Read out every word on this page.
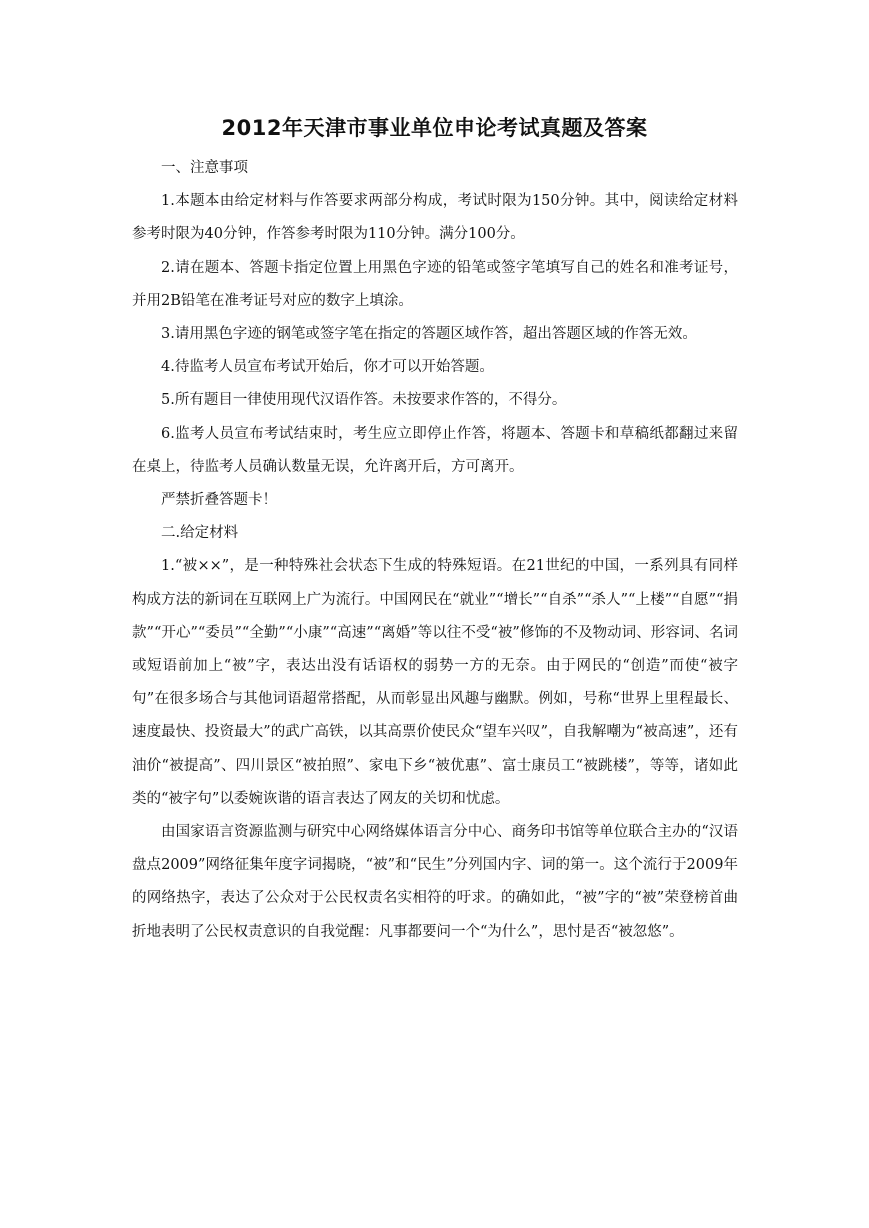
2012年天津市事业单位申论考试真题及答案

一、注意事项

1.本题本由给定材料与作答要求两部分构成，考试时限为150分钟。其中，阅读给定材料参考时限为40分钟，作答参考时限为110分钟。满分100分。

2.请在题本、答题卡指定位置上用黑色字迹的铅笔或签字笔填写自己的姓名和准考证号，并用2B铅笔在准考证号对应的数字上填涂。

3.请用黑色字迹的钢笔或签字笔在指定的答题区域作答，超出答题区域的作答无效。

4.待监考人员宣布考试开始后，你才可以开始答题。

5.所有题目一律使用现代汉语作答。未按要求作答的，不得分。

6.监考人员宣布考试结束时，考生应立即停止作答，将题本、答题卡和草稿纸都翻过来留在桌上，待监考人员确认数量无误，允许离开后，方可离开。

严禁折叠答题卡！

二.给定材料

1.“被××”，是一种特殊社会状态下生成的特殊短语。在21世纪的中国，一系列具有同样构成方法的新词在互联网上广为流行。中国网民在“就业”“增长”“自杀”“杀人”“上楼”“自愿”“捐款”“开心”“委员”“全勤”“小康”“高速”“离婚”等以往不受“被”修饰的不及物动词、形容词、名词或短语前加上“被”字，表达出没有话语权的弱势一方的无奈。由于网民的“创造”而使“被字句”在很多场合与其他词语超常搭配，从而彰显出风趣与幽默。例如，号称“世界上里程最长、速度最快、投资最大”的武广高铁，以其高票价使民众“望车兴叹”，自我解嘲为“被高速”，还有油价“被提高”、四川景区“被拍照”、家电下乡“被优惠”、富士康员工“被跳楼”，等等，诸如此类的“被字句”以委婉诙谐的语言表达了网友的关切和忧虑。

由国家语言资源监测与研究中心网络媒体语言分中心、商务印书馆等单位联合主办的“汉语盘点2009”网络征集年度字词揭晓，“被”和“民生”分列国内字、词的第一。这个流行于2009年的网络热字，表达了公众对于公民权责名实相符的吁求。的确如此，“被”字的“被”荣登榜首曲折地表明了公民权责意识的自我觉醒：凡事都要问一个“为什么”，思忖是否“被忽悠”。
